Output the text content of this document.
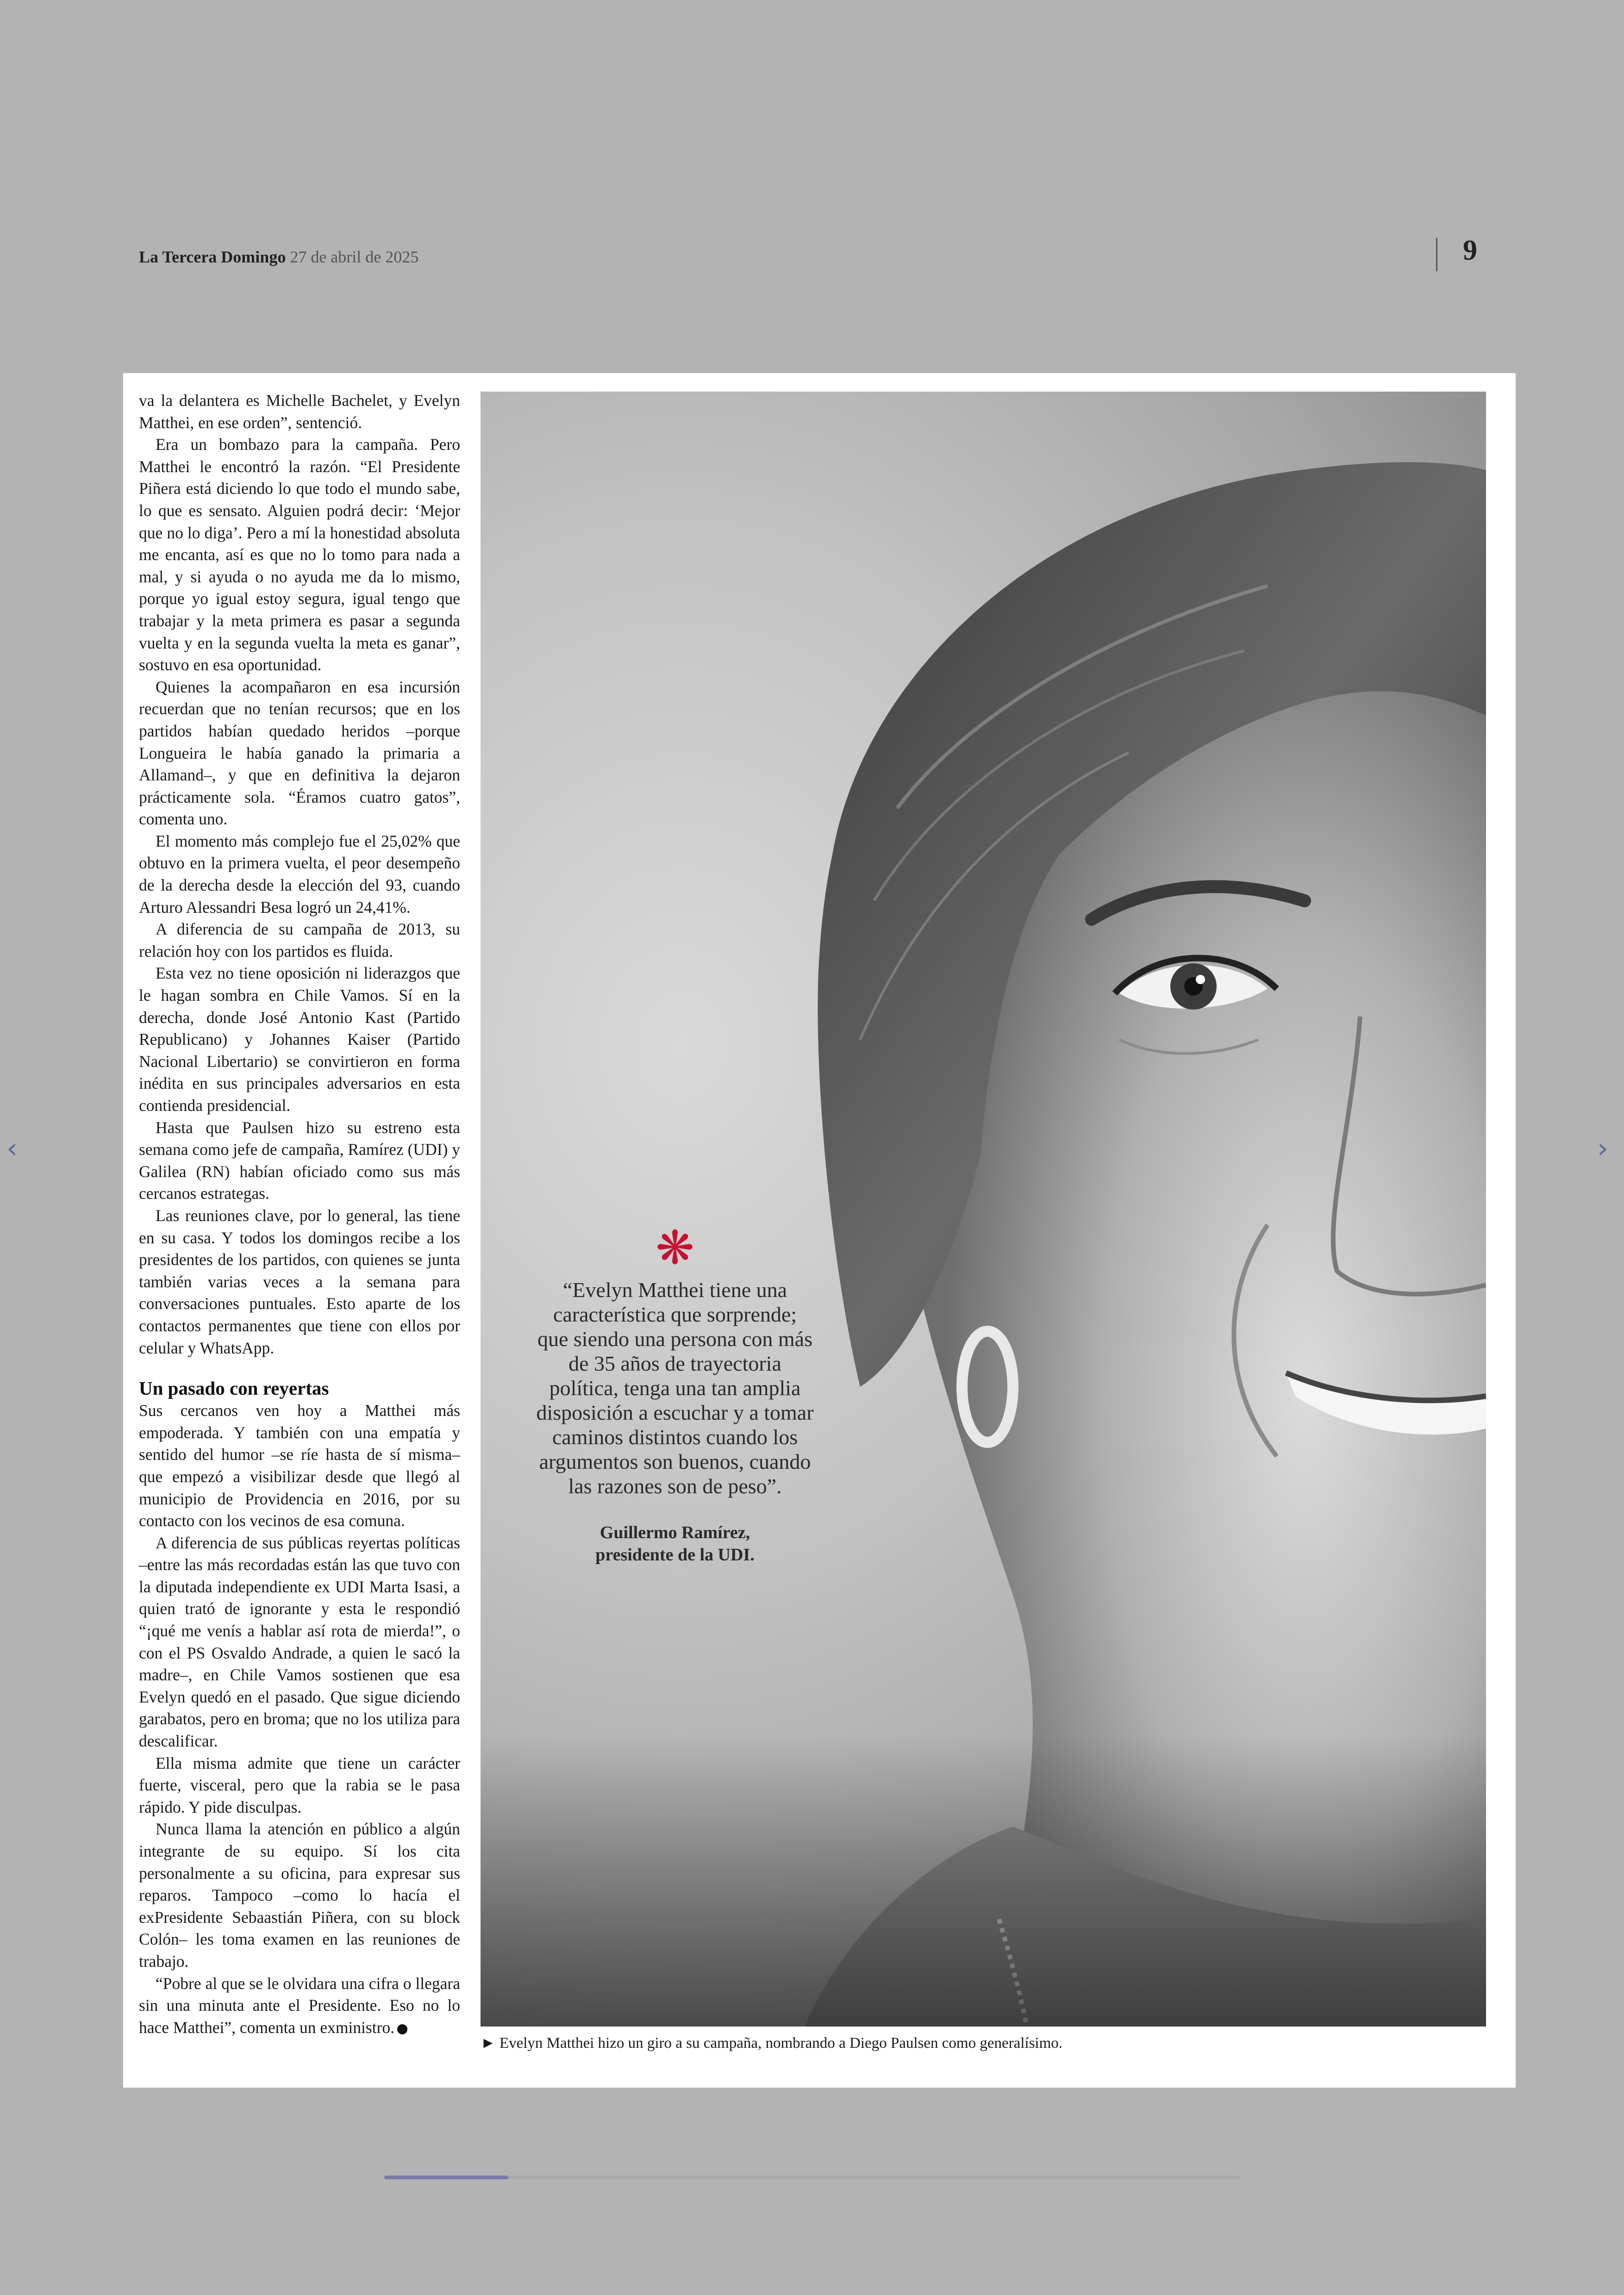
La Tercera Domingo 27 de abril de 2025	9
‹	›

va la delantera es Michelle Bachelet, y Evelyn Matthei, en ese orden”, sentenció.

Era un bombazo para la campaña. Pero Matthei le encontró la razón. “El Presidente Piñera está diciendo lo que todo el mundo sabe, lo que es sensato. Alguien podrá decir: ‘Mejor que no lo diga’. Pero a mí la honestidad absoluta me encanta, así es que no lo tomo para nada a mal, y si ayuda o no ayuda me da lo mismo, porque yo igual estoy segura, igual tengo que trabajar y la meta primera es pasar a segunda vuelta y en la segunda vuelta la meta es ganar”, sostuvo en esa oportunidad.

Quienes la acompañaron en esa incursión recuerdan que no tenían recursos; que en los partidos habían quedado heridos –porque Longueira le había ganado la primaria a Allamand–, y que en definitiva la dejaron prácticamente sola. “Éramos cuatro gatos”, comenta uno.

El momento más complejo fue el 25,02% que obtuvo en la primera vuelta, el peor desempeño de la derecha desde la elección del 93, cuando Arturo Alessandri Besa logró un 24,41%.

A diferencia de su campaña de 2013, su relación hoy con los partidos es fluida.

Esta vez no tiene oposición ni liderazgos que le hagan sombra en Chile Vamos. Sí en la derecha, donde José Antonio Kast (Partido Republicano) y Johannes Kaiser (Partido Nacional Libertario) se convirtieron en forma inédita en sus principales adversarios en esta contienda presidencial.

Hasta que Paulsen hizo su estreno esta semana como jefe de campaña, Ramírez (UDI) y Galilea (RN) habían oficiado como sus más cercanos estrategas.

Las reuniones clave, por lo general, las tiene en su casa. Y todos los domingos recibe a los presidentes de los partidos, con quienes se junta también varias veces a la semana para conversaciones puntuales. Esto aparte de los contactos permanentes que tiene con ellos por celular y WhatsApp.

Un pasado con reyertas

Sus cercanos ven hoy a Matthei más empoderada. Y también con una empatía y sentido del humor –se ríe hasta de sí misma– que empezó a visibilizar desde que llegó al municipio de Providencia en 2016, por su contacto con los vecinos de esa comuna.

A diferencia de sus públicas reyertas políticas –entre las más recordadas están las que tuvo con la diputada independiente ex UDI Marta Isasi, a quien trató de ignorante y esta le respondió “¡qué me venís a hablar así rota de mierda!”, o con el PS Osvaldo Andrade, a quien le sacó la madre–, en Chile Vamos sostienen que esa Evelyn quedó en el pasado. Que sigue diciendo garabatos, pero en broma; que no los utiliza para descalificar.

Ella misma admite que tiene un carácter fuerte, visceral, pero que la rabia se le pasa rápido. Y pide disculpas.

Nunca llama la atención en público a algún integrante de su equipo. Sí los cita personalmente a su oficina, para expresar sus reparos. Tampoco –como lo hacía el exPresidente Sebaastián Piñera, con su block Colón– les toma examen en las reuniones de trabajo.

“Pobre al que se le olvidara una cifra o llegara sin una minuta ante el Presidente. Eso no lo hace Matthei”, comenta un exministro.

❋
“Evelyn Matthei tiene una característica que sorprende; que siendo una persona con más de 35 años de trayectoria política, tenga una tan amplia disposición a escuchar y a tomar caminos distintos cuando los argumentos son buenos, cuando las razones son de peso”.
Guillermo Ramírez,
presidente de la UDI.
► Evelyn Matthei hizo un giro a su campaña, nombrando a Diego Paulsen como generalísimo.
